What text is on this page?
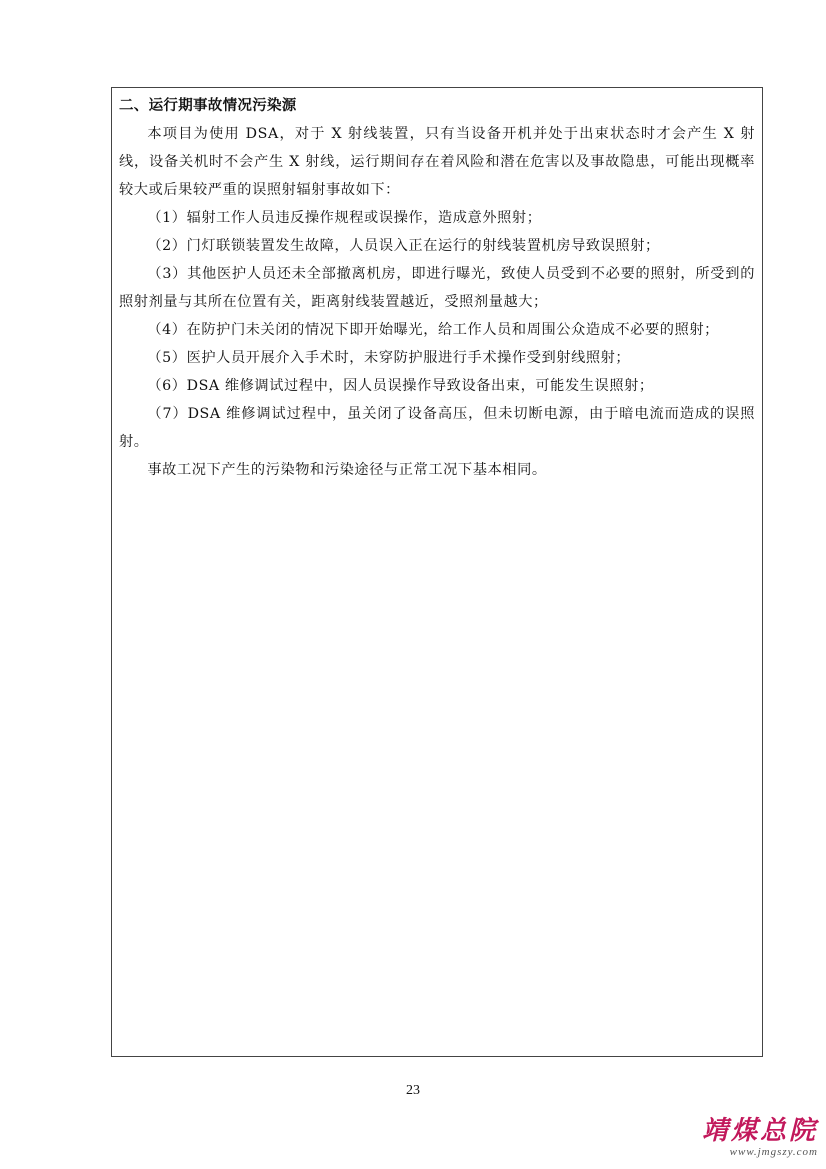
二、运行期事故情况污染源

本项目为使用 DSA，对于 X 射线装置，只有当设备开机并处于出束状态时才会产生 X 射线，设备关机时不会产生 X 射线，运行期间存在着风险和潜在危害以及事故隐患，可能出现概率较大或后果较严重的误照射辐射事故如下：

（1）辐射工作人员违反操作规程或误操作，造成意外照射；

（2）门灯联锁装置发生故障，人员误入正在运行的射线装置机房导致误照射；

（3）其他医护人员还未全部撤离机房，即进行曝光，致使人员受到不必要的照射，所受到的照射剂量与其所在位置有关，距离射线装置越近，受照剂量越大；

（4）在防护门未关闭的情况下即开始曝光，给工作人员和周围公众造成不必要的照射；

（5）医护人员开展介入手术时，未穿防护服进行手术操作受到射线照射；

（6）DSA 维修调试过程中，因人员误操作导致设备出束，可能发生误照射；

（7）DSA 维修调试过程中，虽关闭了设备高压，但未切断电源，由于暗电流而造成的误照射。

事故工况下产生的污染物和污染途径与正常工况下基本相同。

23
靖煤总院
www.jmgszy.com
